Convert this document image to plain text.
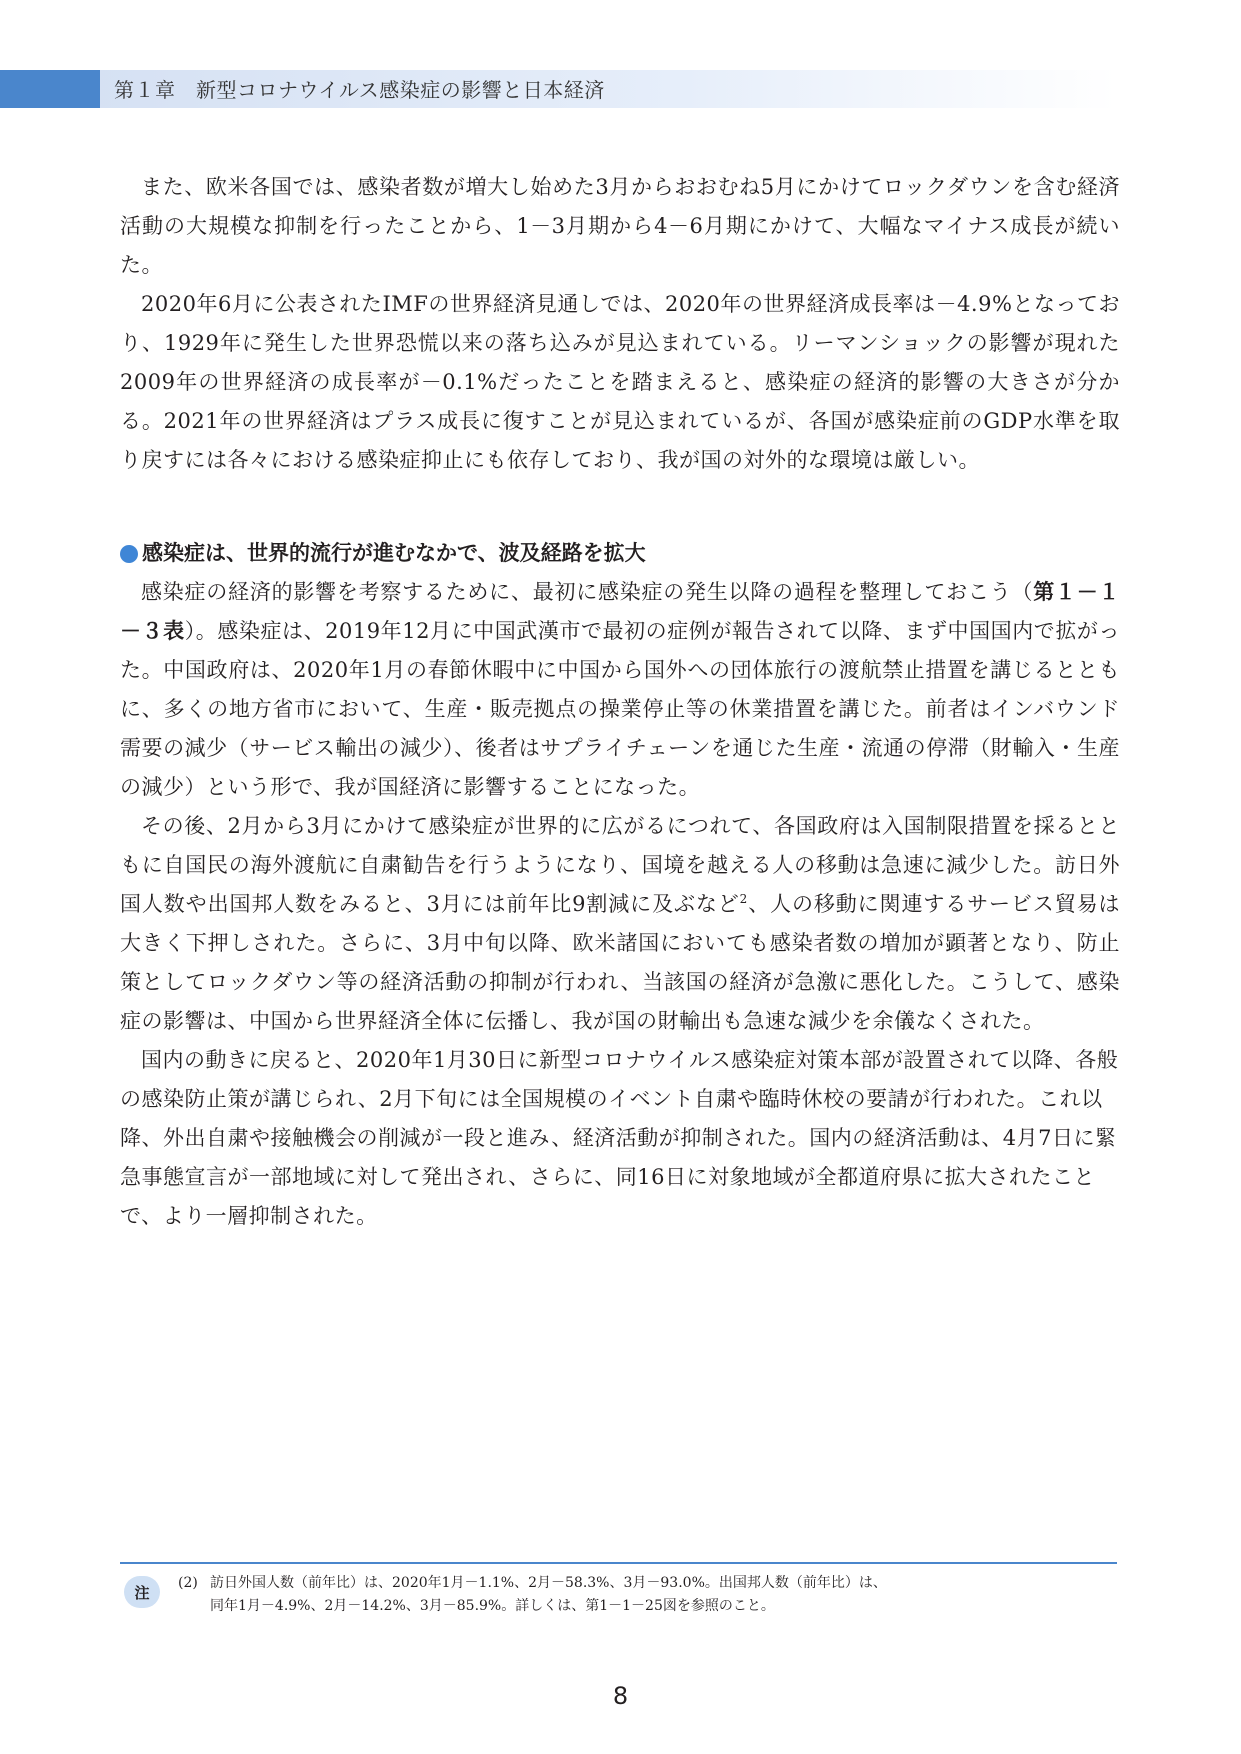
第１章　新型コロナウイルス感染症の影響と日本経済

また、欧米各国では、感染者数が増大し始めた3月からおおむね5月にかけてロックダウンを含む経済活動の大規模な抑制を行ったことから、1－3月期から4－6月期にかけて、大幅なマイナス成長が続いた。

2020年6月に公表されたIMFの世界経済見通しでは、2020年の世界経済成長率は－4.9%となっており、1929年に発生した世界恐慌以来の落ち込みが見込まれている。リーマンショックの影響が現れた2009年の世界経済の成長率が－0.1%だったことを踏まえると、感染症の経済的影響の大きさが分かる。2021年の世界経済はプラス成長に復すことが見込まれているが、各国が感染症前のGDP水準を取り戻すには各々における感染症抑止にも依存しており、我が国の対外的な環境は厳しい。

感染症は、世界的流行が進むなかで、波及経路を拡大

感染症の経済的影響を考察するために、最初に感染症の発生以降の過程を整理しておこう（第１－１－３表）。感染症は、2019年12月に中国武漢市で最初の症例が報告されて以降、まず中国国内で拡がった。中国政府は、2020年1月の春節休暇中に中国から国外への団体旅行の渡航禁止措置を講じるとともに、多くの地方省市において、生産・販売拠点の操業停止等の休業措置を講じた。前者はインバウンド需要の減少（サービス輸出の減少）、後者はサプライチェーンを通じた生産・流通の停滞（財輸入・生産の減少）という形で、我が国経済に影響することになった。

その後、2月から3月にかけて感染症が世界的に広がるにつれて、各国政府は入国制限措置を採るとともに自国民の海外渡航に自粛勧告を行うようになり、国境を越える人の移動は急速に減少した。訪日外国人数や出国邦人数をみると、3月には前年比9割減に及ぶなど$^2$、人の移動に関連するサービス貿易は大きく下押しされた。さらに、3月中旬以降、欧米諸国においても感染者数の増加が顕著となり、防止策としてロックダウン等の経済活動の抑制が行われ、当該国の経済が急激に悪化した。こうして、感染症の影響は、中国から世界経済全体に伝播し、我が国の財輸出も急速な減少を余儀なくされた。

国内の動きに戻ると、2020年1月30日に新型コロナウイルス感染症対策本部が設置されて以降、各般の感染防止策が講じられ、2月下旬には全国規模のイベント自粛や臨時休校の要請が行われた。これ以降、外出自粛や接触機会の削減が一段と進み、経済活動が抑制された。国内の経済活動は、4月7日に緊急事態宣言が一部地域に対して発出され、さらに、同16日に対象地域が全都道府県に拡大されたことで、より一層抑制された。

注
(2) 訪日外国人数（前年比）は、2020年1月－1.1%、2月－58.3%、3月－93.0%。出国邦人数（前年比）は、
同年1月－4.9%、2月－14.2%、3月－85.9%。詳しくは、第1－1－25図を参照のこと。
8
